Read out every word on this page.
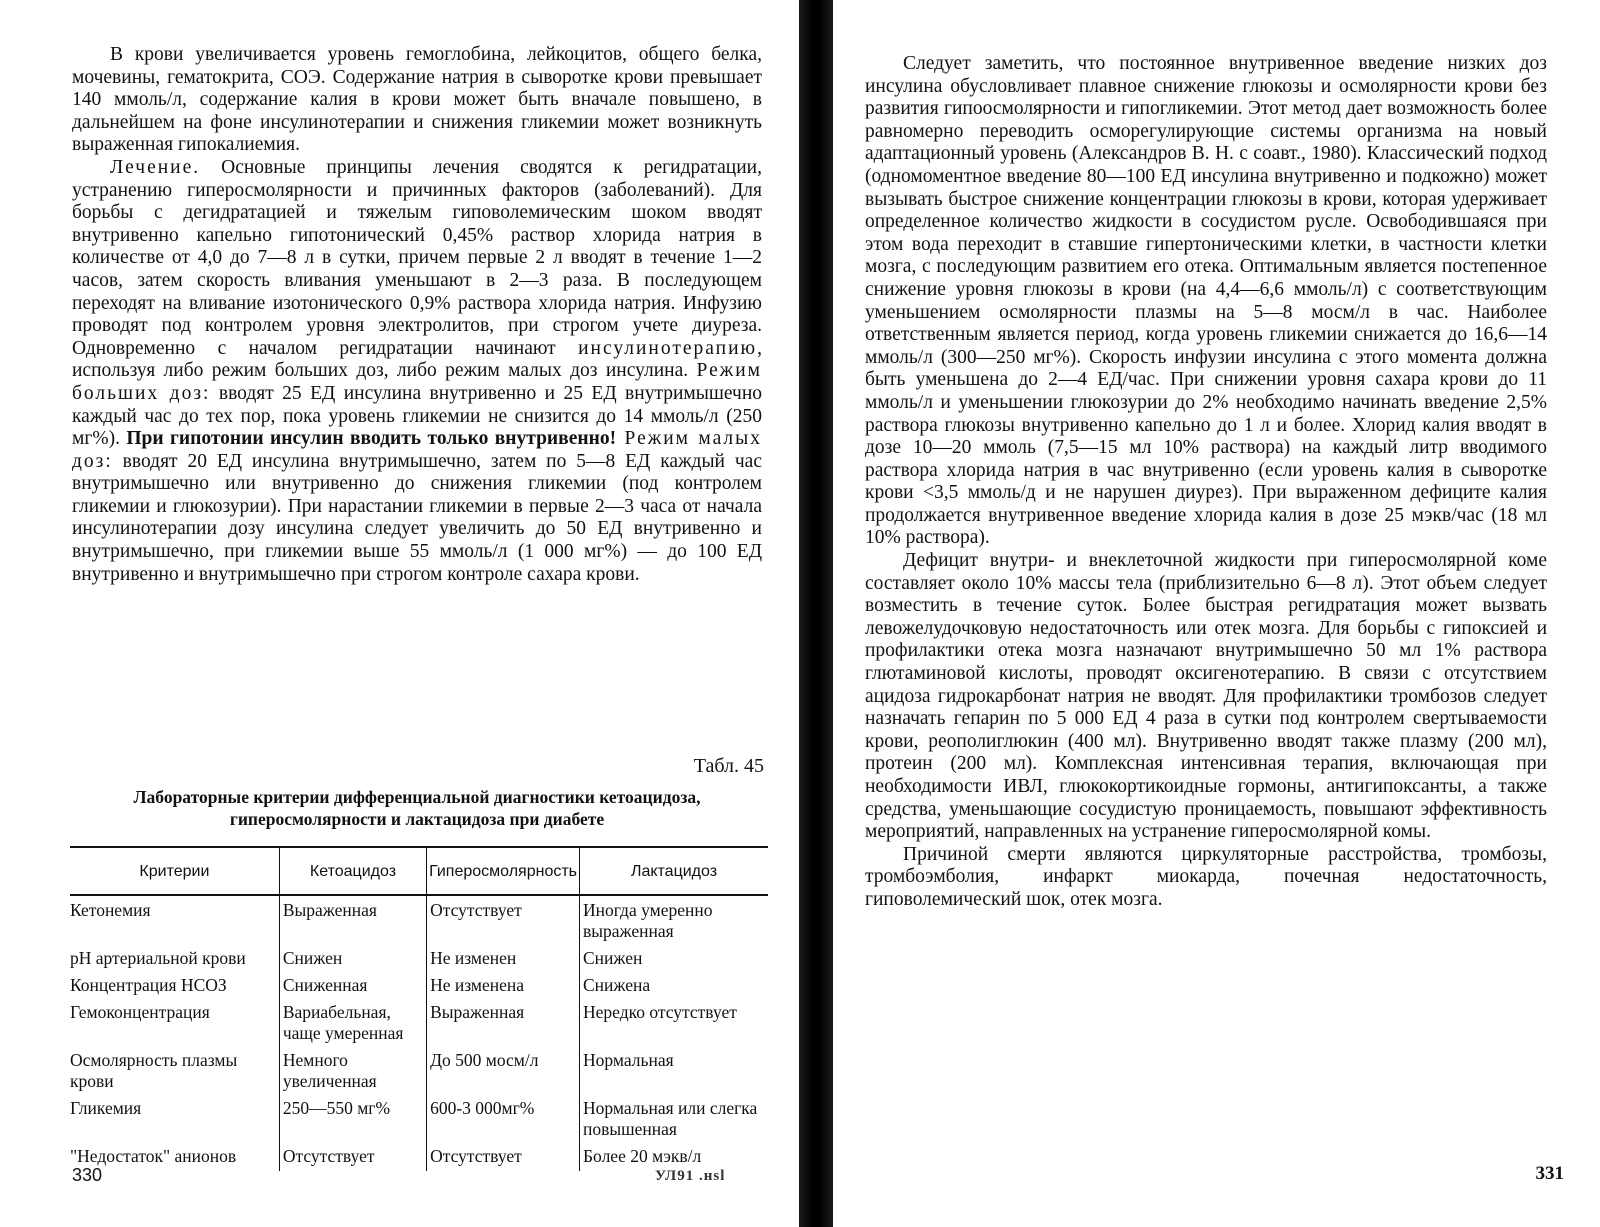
В крови увеличивается уровень гемоглобина, лейкоцитов, общего белка, мочевины, гематокрита, СОЭ. Содержание натрия в сыворотке крови превышает 140 ммоль/л, содержание калия в крови может быть вначале повышено, в дальнейшем на фоне инсулинотерапии и снижения гликемии может возникнуть выраженная гипокалиемия.

Лечение. Основные принципы лечения сводятся к регидратации, устранению гиперосмолярности и причинных факторов (заболеваний). Для борьбы с дегидратацией и тяжелым гиповолемическим шоком вводят внутривенно капельно гипотонический 0,45% раствор хлорида натрия в количестве от 4,0 до 7—8 л в сутки, причем первые 2 л вводят в течение 1—2 часов, затем скорость вливания уменьшают в 2—3 раза. В последующем переходят на вливание изотонического 0,9% раствора хлорида натрия. Инфузию проводят под контролем уровня электролитов, при строгом учете диуреза. Одновременно с началом регидратации начинают инсулинотерапию, используя либо режим больших доз, либо режим малых доз инсулина. Режим больших доз: вводят 25 ЕД инсулина внутривенно и 25 ЕД внутримышечно каждый час до тех пор, пока уровень гликемии не снизится до 14 ммоль/л (250 мг%). При гипотонии инсулин вводить только внутривенно! Режим малых доз: вводят 20 ЕД инсулина внутримышечно, затем по 5—8 ЕД каждый час внутримышечно или внутривенно до снижения гликемии (под контролем гликемии и глюкозурии). При нарастании гликемии в первые 2—3 часа от начала инсулинотерапии дозу инсулина следует увеличить до 50 ЕД внутривенно и внутримышечно, при гликемии выше 55 ммоль/л (1 000 мг%) — до 100 ЕД внутривенно и внутримышечно при строгом контроле сахара крови.

Табл. 45
Лабораторные критерии дифференциальной диагностики кетоацидоза, гиперосмолярности и лактацидоза при диабете
Критерии	Кетоацидоз	Гиперосмолярность	Лактацидоз
Кетонемия	Выраженная	Отсутствует	Иногда умеренно выраженная
рН артериальной крови	Снижен	Не изменен	Снижен
Концентрация НСОЗ	Сниженная	Не изменена	Снижена
Гемоконцентрация	Вариабельная, чаще умеренная	Выраженная	Нередко отсутствует
Осмолярность плазмы крови	Немного увеличенная	До 500 мосм/л	Нормальная
Гликемия	250—550 мг%	600-3 000мг%	Нормальная или слегка повышенная
"Недостаток" анионов	Отсутствует	Отсутствует	Более 20 мэкв/л
330	УЛ91 .нsl

Следует заметить, что постоянное внутривенное введение низких доз инсулина обусловливает плавное снижение глюкозы и осмолярности крови без развития гипоосмолярности и гипогликемии. Этот метод дает возможность более равномерно переводить осморегулирующие системы организма на новый адаптационный уровень (Александров В. Н. с соавт., 1980). Классический подход (одномоментное введение 80—100 ЕД инсулина внутривенно и подкожно) может вызывать быстрое снижение концентрации глюкозы в крови, которая удерживает определенное количество жидкости в сосудистом русле. Освободившаяся при этом вода переходит в ставшие гипертоническими клетки, в частности клетки мозга, с последующим развитием его отека. Оптимальным является постепенное снижение уровня глюкозы в крови (на 4,4—6,6 ммоль/л) с соответствующим уменьшением осмолярности плазмы на 5—8 мосм/л в час. Наиболее ответственным является период, когда уровень гликемии снижается до 16,6—14 ммоль/л (300—250 мг%). Скорость инфузии инсулина с этого момента должна быть уменьшена до 2—4 ЕД/час. При снижении уровня сахара крови до 11 ммоль/л и уменьшении глюкозурии до 2% необходимо начинать введение 2,5% раствора глюкозы внутривенно капельно до 1 л и более. Хлорид калия вводят в дозе 10—20 ммоль (7,5—15 мл 10% раствора) на каждый литр вводимого раствора хлорида натрия в час внутривенно (если уровень калия в сыворотке крови <3,5 ммоль/д и не нарушен диурез). При выраженном дефиците калия продолжается внутривенное введение хлорида калия в дозе 25 мэкв/час (18 мл 10% раствора).

Дефицит внутри- и внеклеточной жидкости при гиперосмолярной коме составляет около 10% массы тела (приблизительно 6—8 л). Этот объем следует возместить в течение суток. Более быстрая регидратация может вызвать левожелудочковую недостаточность или отек мозга. Для борьбы с гипоксией и профилактики отека мозга назначают внутримышечно 50 мл 1% раствора глютаминовой кислоты, проводят оксигенотерапию. В связи с отсутствием ацидоза гидрокарбонат натрия не вводят. Для профилактики тромбозов следует назначать гепарин по 5 000 ЕД 4 раза в сутки под контролем свертываемости крови, реополиглюкин (400 мл). Внутривенно вводят также плазму (200 мл), протеин (200 мл). Комплексная интенсивная терапия, включающая при необходимости ИВЛ, глюкокортикоидные гормоны, антигипоксанты, а также средства, уменьшающие сосудистую проницаемость, повышают эффективность мероприятий, направленных на устранение гиперосмолярной комы.

Причиной смерти являются циркуляторные расстройства, тромбозы, тромбоэмболия, инфаркт миокарда, почечная недостаточность, гиповолемический шок, отек мозга.

331
